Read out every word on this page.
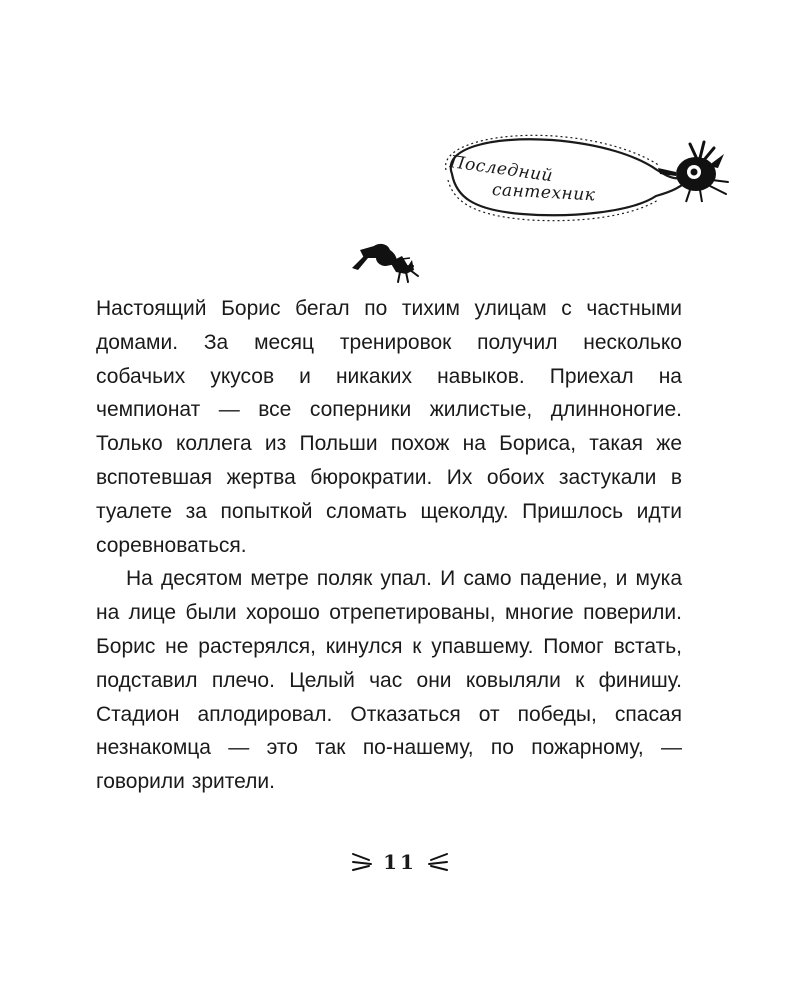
Последний
сантехник

Настоящий Борис бегал по тихим улицам с частными домами. За месяц тренировок получил несколько собачьих укусов и никаких навыков. Приехал на чемпионат — все соперники жилистые, длинноногие. Только коллега из Польши похож на Бориса, такая же вспотевшая жертва бюрократии. Их обоих застукали в туалете за попыткой сломать щеколду. Пришлось идти соревноваться.

На десятом метре поляк упал. И само падение, и мука на лице были хорошо отрепетированы, многие поверили. Борис не растерялся, кинулся к упавшему. Помог встать, подставил плечо. Целый час они ковыляли к финишу. Стадион аплодировал. Отказаться от победы, спасая незнакомца — это так по-нашему, по пожарному, — говорили зрители.

11
